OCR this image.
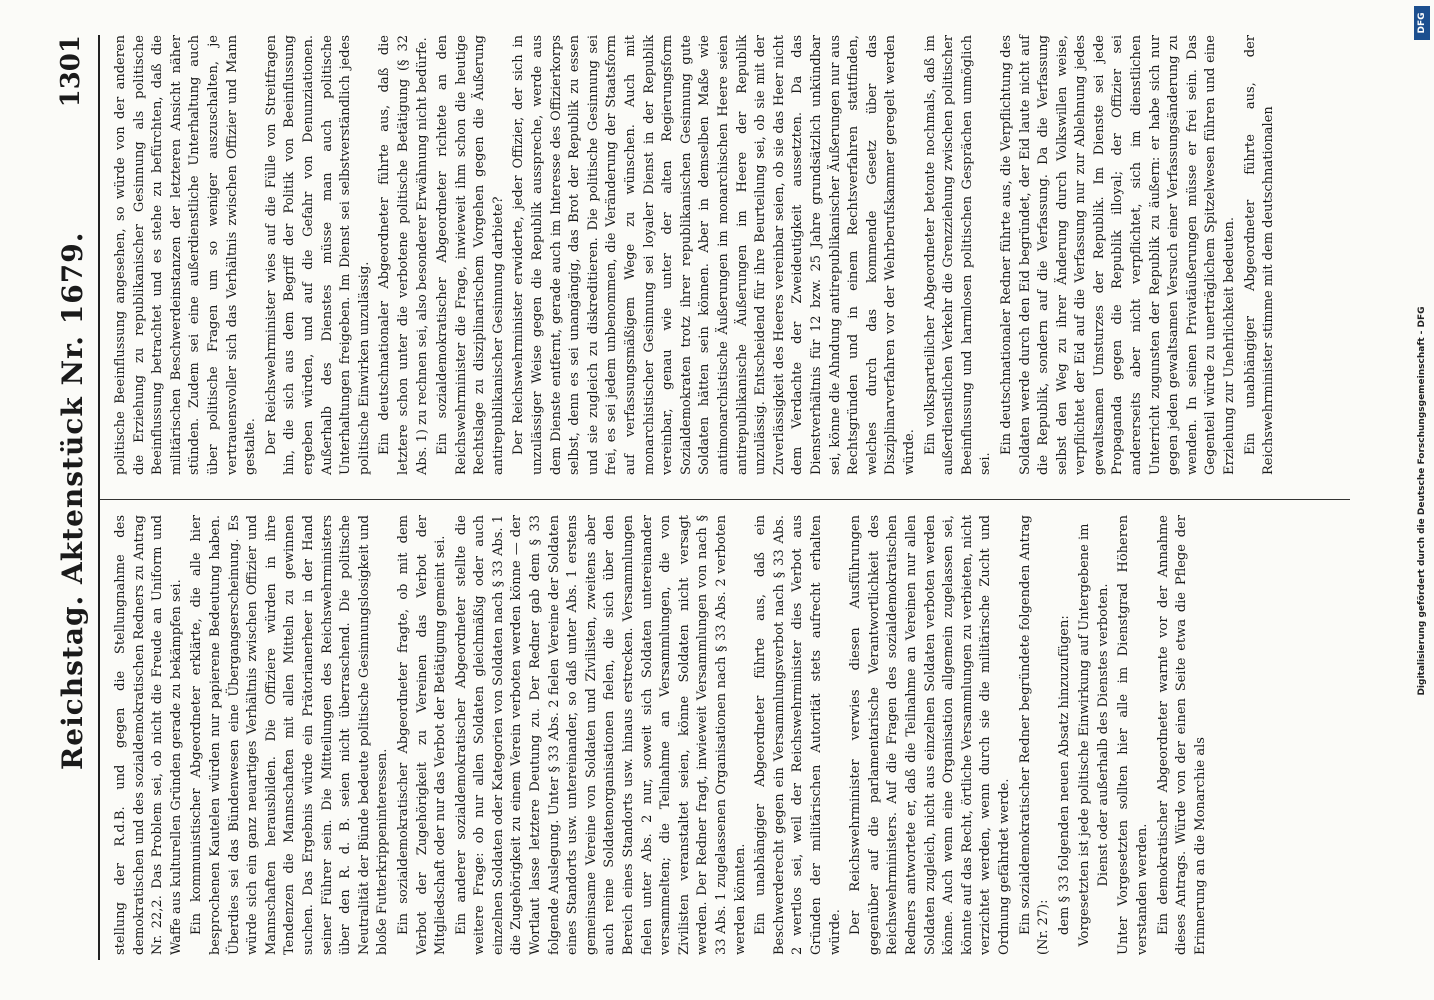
Reichstag. Aktenstück Nr. 1679.
1301

stellung der R.d.B. und gegen die Stellungnahme des demokratischen und des sozialdemokratischen Redners zu Antrag Nr. 22,2. Das Problem sei, ob nicht die Freude an Uniform und Waffe aus kulturellen Gründen gerade zu bekämpfen sei. Ein kommunistischer Abgeordneter erklärte, die alle hier besprochenen Kautelen würden nur papierene Bedeutung haben. Überdies sei das Bündenwesen eine Übergangserscheinung. Es würde sich ein ganz neuartiges Verhältnis zwischen Offizier und Mannschaften herausbilden. Die Offiziere würden in ihre Tendenzen die Mannschaften mit allen Mitteln zu gewinnen suchen. Das Ergebnis würde ein Prätorianerheer in der Hand seiner Führer sein. Die Mitteilungen des Reichswehrministers über den R. d. B. seien nicht überraschend. Die politische Neutralität der Bünde bedeute politische Gesinnungslosigkeit und bloße Futterkrippeninteressen. Ein sozialdemokratischer Abgeordneter fragte, ob mit dem Verbot der Zugehörigkeit zu Vereinen das Verbot der Mitgliedschaft oder nur das Verbot der Betätigung gemeint sei. Ein anderer sozialdemokratischer Abgeordneter stellte die weitere Frage: ob nur allen Soldaten gleichmäßig oder auch einzelnen Soldaten oder Kategorien von Soldaten nach § 33 Abs. 1 die Zugehörigkeit zu einem Verein verboten werden könne — der Wortlaut lasse letztere Deutung zu. Der Redner gab dem § 33 folgende Auslegung. Unter § 33 Abs. 2 fielen Vereine der Soldaten eines Standorts usw. untereinander, so daß unter Abs. 1 erstens gemeinsame Vereine von Soldaten und Zivilisten, zweitens aber auch reine Soldatenorganisationen fielen, die sich über den Bereich eines Standorts usw. hinaus erstrecken. Versammlungen fielen unter Abs. 2 nur, soweit sich Soldaten untereinander versammelten; die Teilnahme an Versammlungen, die von Zivilisten veranstaltet seien, könne Soldaten nicht versagt werden. Der Redner fragt, inwieweit Versammlungen von nach § 33 Abs. 1 zugelassenen Organisationen nach § 33 Abs. 2 verboten werden könnten. Ein unabhängiger Abgeordneter führte aus, daß ein Beschwerderecht gegen ein Versammlungsverbot nach § 33 Abs. 2 wertlos sei, weil der Reichswehrminister dies Verbot aus Gründen der militärischen Autorität stets aufrecht erhalten würde. Der Reichswehrminister verwies diesen Ausführungen gegenüber auf die parlamentarische Verantwortlichkeit des Reichswehrministers. Auf die Fragen des sozialdemokratischen Redners antwortete er, daß die Teilnahme an Vereinen nur allen Soldaten zugleich, nicht aus einzelnen Soldaten verboten werden könne. Auch wenn eine Organisation allgemein zugelassen sei, könnte auf das Recht, örtliche Versammlungen zu verbieten, nicht verzichtet werden, wenn durch sie die militärische Zucht und Ordnung gefährdet werde. Ein sozialdemokratischer Redner begründete folgenden Antrag (Nr. 27): dem § 33 folgenden neuen Absatz hinzuzufügen: Vorgesetzten ist jede politische Einwirkung auf Untergebene im Dienst oder außerhalb des Dienstes verboten. Unter Vorgesetzten sollten hier alle im Dienstgrad Höheren verstanden werden. Ein demokratischer Abgeordneter warnte vor der Annahme dieses Antrags. Würde von der einen Seite etwa die Pflege der Erinnerung an die Monarchie als

politische Beeinflussung angesehen, so würde von der anderen die Erziehung zu republikanischer Gesinnung als politische Beeinflussung betrachtet und es stehe zu befürchten, daß die militärischen Beschwerdeinstanzen der letzteren Ansicht näher stünden. Zudem sei eine außerdienstliche Unterhaltung auch über politische Fragen um so weniger auszuschalten, je vertrauensvoller sich das Verhältnis zwischen Offizier und Mann gestalte. Der Reichswehrminister wies auf die Fülle von Streitfragen hin, die sich aus dem Begriff der Politik von Beeinflussung ergeben würden, und auf die Gefahr von Denunziationen. Außerhalb des Dienstes müsse man auch politische Unterhaltungen freigeben. Im Dienst sei selbstverständlich jedes politische Einwirken unzulässig. Ein deutschnationaler Abgeordneter führte aus, daß die letztere schon unter die verbotene politische Betätigung (§ 32 Abs. 1) zu rechnen sei, also besonderer Erwähnung nicht bedürfe. Ein sozialdemokratischer Abgeordneter richtete an den Reichswehrminister die Frage, inwieweit ihm schon die heutige Rechtslage zu disziplinarischem Vorgehen gegen die Äußerung antirepublikanischer Gesinnung darbiete? Der Reichswehrminister erwiderte, jeder Offizier, der sich in unzulässiger Weise gegen die Republik ausspreche, werde aus dem Dienste entfernt, gerade auch im Interesse des Offizierkorps selbst, denn es sei unangängig, das Brot der Republik zu essen und sie zugleich zu diskreditieren. Die politische Gesinnung sei frei, es sei jedem unbenommen, die Veränderung der Staatsform auf verfassungsmäßigem Wege zu wünschen. Auch mit monarchistischer Gesinnung sei loyaler Dienst in der Republik vereinbar, genau wie unter der alten Regierungsform Sozialdemokraten trotz ihrer republikanischen Gesinnung gute Soldaten hätten sein können. Aber in demselben Maße wie antimonarchistische Äußerungen im monarchischen Heere seien antirepublikanische Äußerungen im Heere der Republik unzulässig. Entscheidend für ihre Beurteilung sei, ob sie mit der Zuverlässigkeit des Heeres vereinbar seien, ob sie das Heer nicht dem Verdachte der Zweideutigkeit aussetzten. Da das Dienstverhältnis für 12 bzw. 25 Jahre grundsätzlich unkündbar sei, könne die Ahndung antirepublikanischer Äußerungen nur aus Rechtsgründen und in einem Rechtsverfahren stattfinden, welches durch das kommende Gesetz über das Disziplinarverfahren vor der Wehrberufskammer geregelt werden würde. Ein volksparteilicher Abgeordneter betonte nochmals, daß im außerdienstlichen Verkehr die Grenzziehung zwischen politischer Beeinflussung und harmlosen politischen Gesprächen unmöglich sei.

Ein deutschnationaler Redner führte aus, die Verpflichtung des Soldaten werde durch den Eid begründet, der Eid laute nicht auf die Republik, sondern auf die Verfassung. Da die Verfassung selbst den Weg zu ihrer Änderung durch Volkswillen weise, verpflichtet der Eid auf die Verfassung nur zur Ablehnung jedes gewaltsamen Umsturzes der Republik. Im Dienste sei jede Propaganda gegen die Republik illoyal; der Offizier sei andererseits aber nicht verpflichtet, sich im dienstlichen Unterricht zugunsten der Republik zu äußern: er habe sich nur gegen jeden gewaltsamen Versuch einer Verfassungsänderung zu wenden. In seinen Privatäußerungen müsse er frei sein. Das Gegenteil würde zu unerträglichem Spitzelwesen führen und eine Erziehung zur Unehrlichkeit bedeuten. Ein unabhängiger Abgeordneter führte aus, der Reichswehrminister stimme mit dem deutschnationalen

Digitalisierung gefördert durch die Deutsche Forschungsgemeinschaft - DFG
DFG
